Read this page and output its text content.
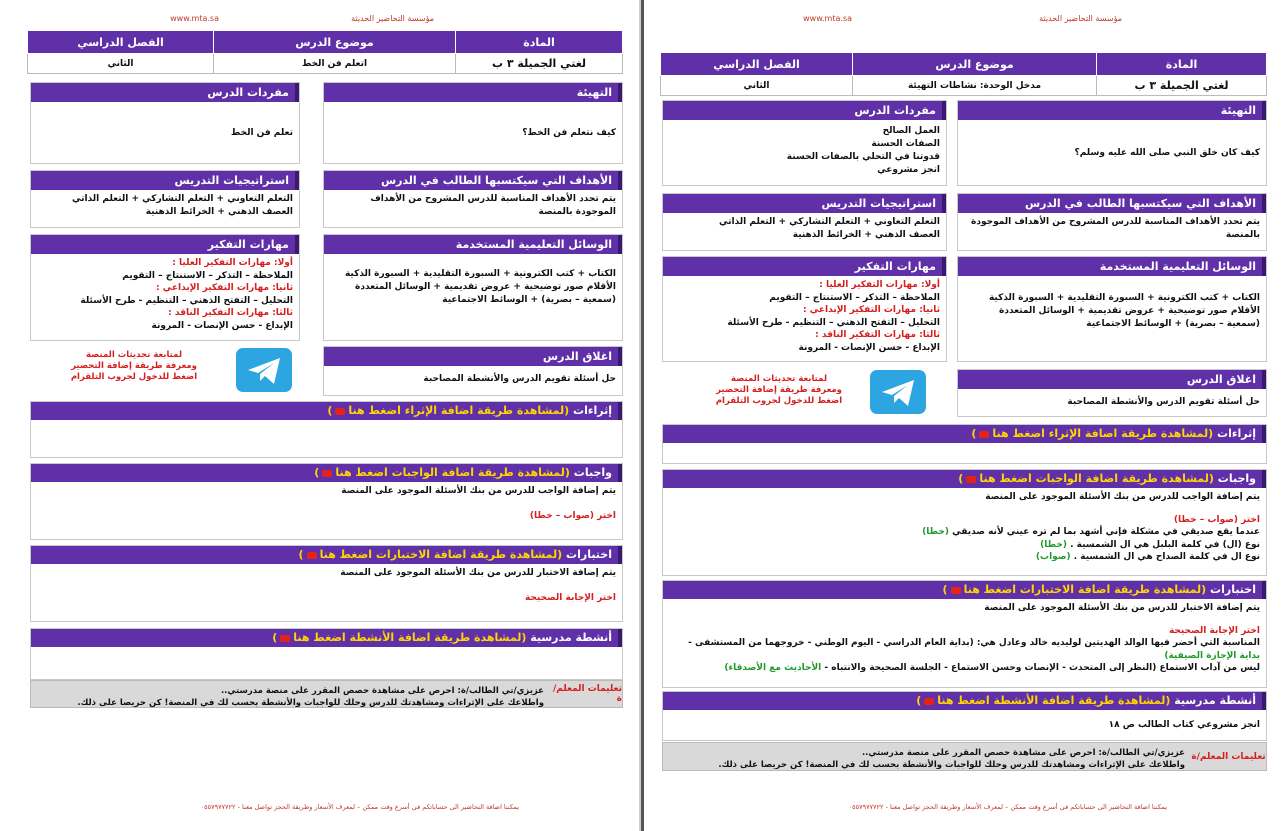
مؤسسة التحاضير الحديثة
www.mta.sa
المادة	موضوع الدرس	الفصل الدراسي
لغتي الجميلة ٣ ب	اتعلم فن الخط	الثاني
التهيئة
كيف نتعلم فن الخط؟
مفردات الدرس
تعلم فن الخط
الأهداف التي سيكتسبها الطالب في الدرس
يتم تحدد الأهداف المناسبة للدرس المشروح من الأهداف الموجودة بالمنصة
استراتيجيات التدريس
التعلم التعاوني + التعلم التشاركي + التعلم الذاتي
العصف الذهني + الخرائط الذهنية
الوسائل التعليمية المستخدمة
الكتاب + كتب الكترونية + السبورة التقليدية + السبورة الذكية
الأقلام صور توضيحية + عروض تقديمية + الوسائل المتعددة
(سمعية – بصرية) + الوسائط الاجتماعية
مهارات التفكير
أولا: مهارات التفكير العليا :
الملاحظة – التذكر – الاستنتاج – التقويم
ثانيا: مهارات التفكير الإبداعي :
التحليل – التفتح الذهني – التنظيم - طرح الأسئلة
ثالثا: مهارات التفكير الناقد :
الإبداع - حسن الإنصات - المرونة
اغلاق الدرس
حل أسئلة تقويم الدرس والأنشطة المصاحبة
لمتابعة تحديثات المنصة
ومعرفة طريقة إضافة التحضير
اضغط للدخول لجروب التلقرام
إثراءات (لمشاهدة طريقة اضافة الإثراء اضغط هنا)
واجبات (لمشاهدة طريقة اضافة الواجبات اضغط هنا)
يتم إضافة الواجب للدرس من بنك الأسئلة الموجود على المنصة
اختر (صواب – خطا)
اختبارات (لمشاهدة طريقة اضافة الاختبارات اضغط هنا)
يتم إضافة الاختبار للدرس من بنك الأسئلة الموجود على المنصة
اختر الإجابة الصحيحة
أنشطة مدرسية (لمشاهدة طريقة اضافة الأنشطة اضغط هنا)
تعليمات المعلم/ة
عزيزي/تي الطالب/ة: احرص على مشاهدة حصص المقرر على منصة مدرستي..
واطلاعك على الإثراءات ومشاهدتك للدرس وحلك للواجبات والأنشطة بحسب لك في المنصة! كن حريصا على ذلك.
يمكننا اضافة التحاضير الى حساباتكم في أسرع وقت ممكن – لمعرف الأسعار وطريقة الحجز تواصل معنا - ٠٥٥٧٩٧٧٧٢٢
مؤسسة التحاضير الحديثة
www.mta.sa
المادة	موضوع الدرس	الفصل الدراسي
لغتي الجميلة ٣ ب	مدخل الوحدة: نشاطات التهيئة	الثاني
التهيئة
كيف كان خلق النبي صلى الله عليه وسلم؟
مفردات الدرس
العمل الصالح
الصفات الحسنة
قدوتنا في التحلي بالصفات الحسنة
انجز مشروعي
الأهداف التي سيكتسبها الطالب في الدرس
يتم تحدد الأهداف المناسبة للدرس المشروح من الأهداف الموجودة بالمنصة
استراتيجيات التدريس
التعلم التعاوني + التعلم التشاركي + التعلم الذاتي
العصف الذهني + الخرائط الذهنية
الوسائل التعليمية المستخدمة
الكتاب + كتب الكترونية + السبورة التقليدية + السبورة الذكية
الأقلام صور توضيحية + عروض تقديمية + الوسائل المتعددة
(سمعية – بصرية) + الوسائط الاجتماعية
مهارات التفكير
أولا: مهارات التفكير العليا :
الملاحظة – التذكر – الاستنتاج – التقويم
ثانيا: مهارات التفكير الإبداعي :
التحليل – التفتح الذهني – التنظيم - طرح الأسئلة
ثالثا: مهارات التفكير الناقد :
الإبداع - حسن الإنصات - المرونة
اغلاق الدرس
حل أسئلة تقويم الدرس والأنشطة المصاحبة
لمتابعة تحديثات المنصة
ومعرفة طريقة إضافة التحضير
اضغط للدخول لجروب التلقرام
إثراءات (لمشاهدة طريقة اضافة الإثراء اضغط هنا)
واجبات (لمشاهدة طريقة اضافة الواجبات اضغط هنا)
يتم إضافة الواجب للدرس من بنك الأسئلة الموجود على المنصة
اختر (صواب – خطا)
عندما يقع صديقي في مشكلة فإني أشهد بما لم تره عيني لأنه صديقي (خطا)
نوع (ال) في كلمة البلبل هي ال الشمسية . (خطا)
نوع ال في كلمة الصداح هي ال الشمسية . (صواب)
اختبارات (لمشاهدة طريقة اضافة الاختبارات اضغط هنا)
يتم إضافة الاختبار للدرس من بنك الأسئلة الموجود على المنصة
اختر الإجابة الصحيحة
المناسبة التي أحضر فيها الوالد الهديتين لوليديه خالد وعادل هي: (بداية العام الدراسي - اليوم الوطني - خروجهما من المستشفى - بداية الإجازة الصيفية)
ليس من آداب الاستماع (النظر إلى المتحدث - الإنصات وحسن الاستماع - الجلسة الصحيحة والانتباه - الأحاديث مع الأصدقاء)
أنشطة مدرسية (لمشاهدة طريقة اضافة الأنشطة اضغط هنا)
انجز مشروعي كتاب الطالب ص ١٨
تعليمات المعلم/ة
عزيزي/تي الطالب/ة: احرص على مشاهدة حصص المقرر على منصة مدرستي..
واطلاعك على الإثراءات ومشاهدتك للدرس وحلك للواجبات والأنشطة بحسب لك في المنصة! كن حريصا على ذلك.
يمكننا اضافة التحاضير الى حساباتكم في أسرع وقت ممكن – لمعرف الأسعار وطريقة الحجز تواصل معنا - ٠٥٥٧٩٧٧٧٢٢
